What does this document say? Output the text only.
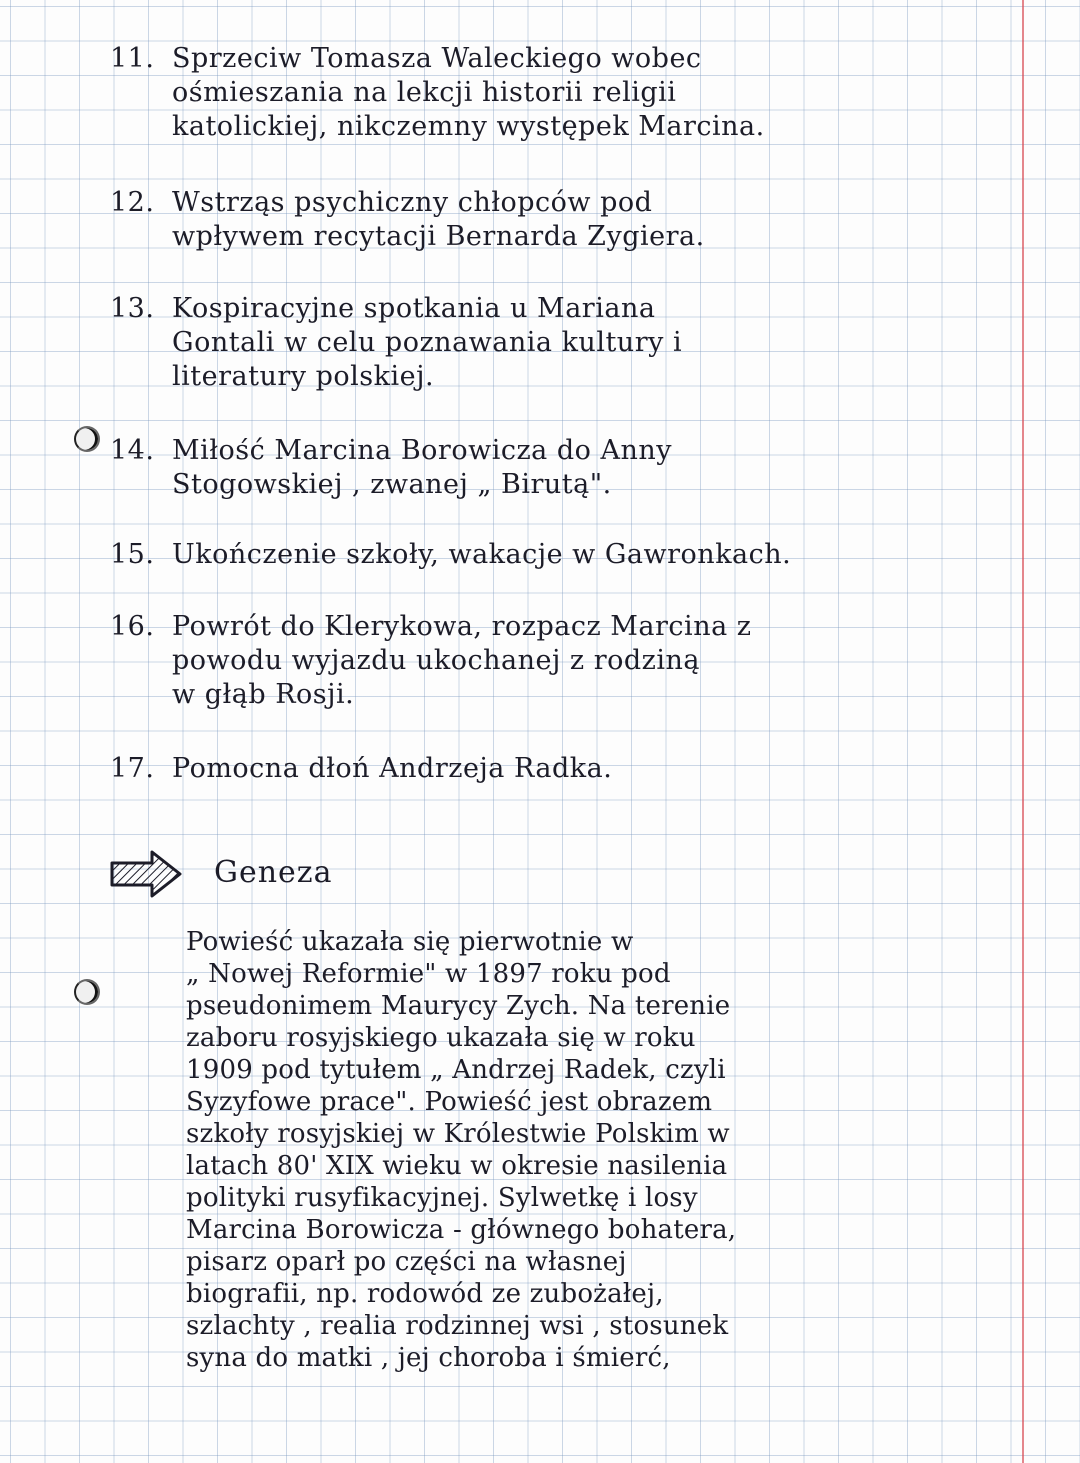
11. Sprzeciw Tomasza Waleckiego wobec
ośmieszania na lekcji historii religii
katolickiej, nikczemny występek Marcina.
12. Wstrząs psychiczny chłopców pod
wpływem recytacji Bernarda Zygiera.
13. Kospiracyjne spotkania u Mariana
Gontali w celu poznawania kultury i
literatury polskiej.
14. Miłość Marcina Borowicza do Anny
Stogowskiej , zwanej „ Birutą".
15. Ukończenie szkoły, wakacje w Gawronkach.
16. Powrót do Klerykowa, rozpacz Marcina z
powodu wyjazdu ukochanej z rodziną
w głąb Rosji.
17. Pomocna dłoń Andrzeja Radka.
Geneza
Powieść ukazała się pierwotnie w
„ Nowej Reformie" w 1897 roku pod
pseudonimem Maurycy Zych. Na terenie
zaboru rosyjskiego ukazała się w roku
1909 pod tytułem „ Andrzej Radek, czyli
Syzyfowe prace". Powieść jest obrazem
szkoły rosyjskiej w Królestwie Polskim w
latach 80' XIX wieku w okresie nasilenia
polityki rusyfikacyjnej. Sylwetkę i losy
Marcina Borowicza - głównego bohatera,
pisarz oparł po części na własnej
biografii, np. rodowód ze zubożałej,
szlachty , realia rodzinnej wsi , stosunek
syna do matki , jej choroba i śmierć,
